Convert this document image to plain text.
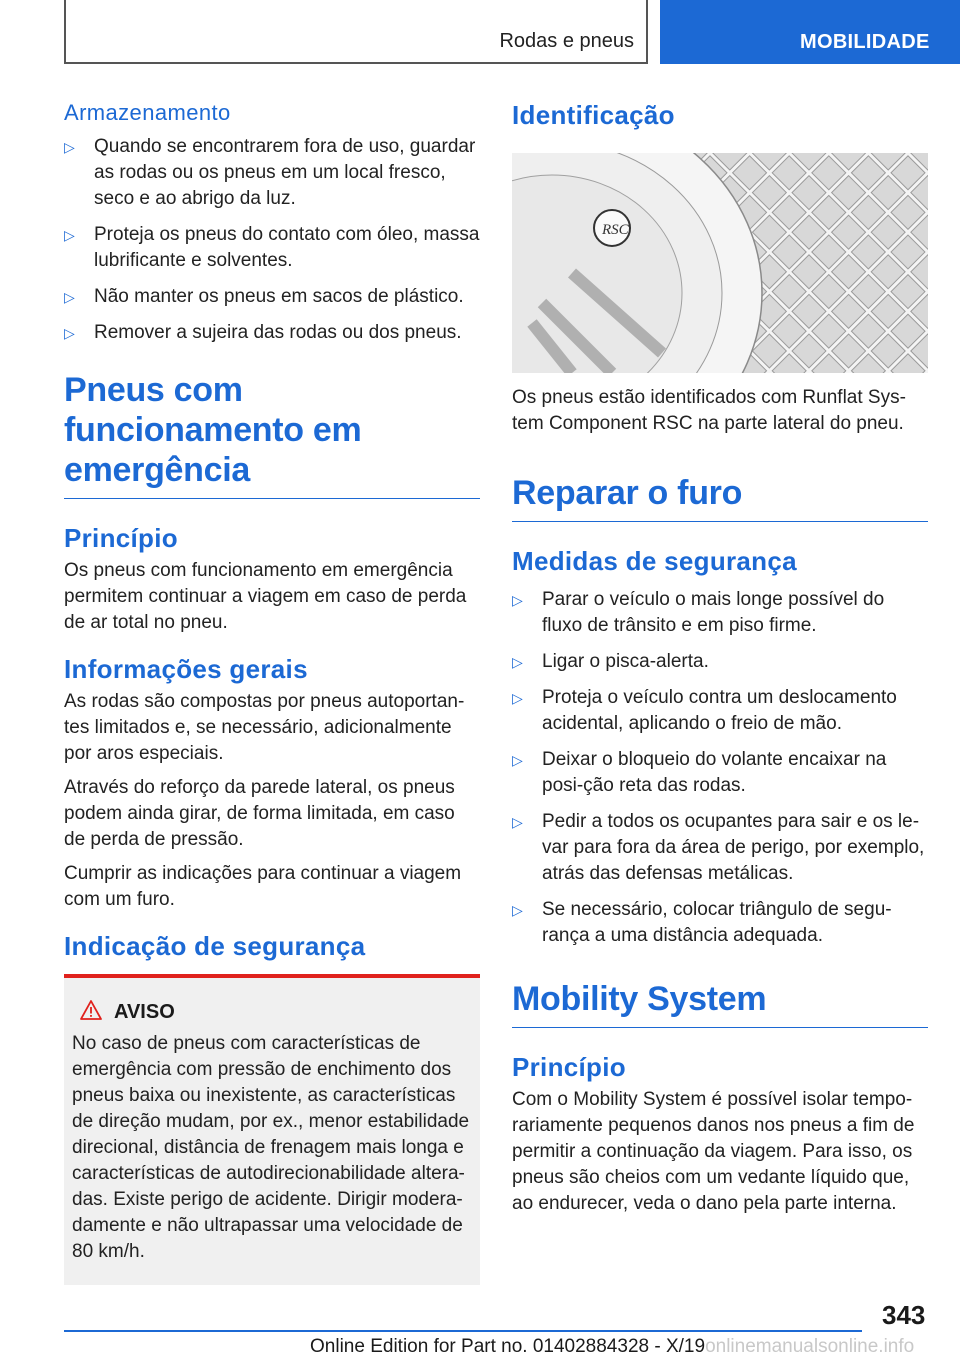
Rodas e pneus	MOBILIDADE
Armazenamento
▷ Quando se encontrarem fora de uso, guardar as rodas ou os pneus em um local fresco, seco e ao abrigo da luz.
▷ Proteja os pneus do contato com óleo, massa lubrificante e solventes.
▷ Não manter os pneus em sacos de plástico.
▷ Remover a sujeira das rodas ou dos pneus.
Pneus com funcionamento em emergência
Princípio

Os pneus com funcionamento em emergência permitem continuar a viagem em caso de perda de ar total no pneu.

Informações gerais

As rodas são compostas por pneus autoportan-tes limitados e, se necessário, adicionalmente por aros especiais.

Através do reforço da parede lateral, os pneus podem ainda girar, de forma limitada, em caso de perda de pressão.

Cumprir as indicações para continuar a viagem com um furo.

Indicação de segurança
AVISO

No caso de pneus com características de emergência com pressão de enchimento dos pneus baixa ou inexistente, as características de direção mudam, por ex., menor estabilidade direcional, distância de frenagem mais longa e características de autodirecionabilidade altera-das. Existe perigo de acidente. Dirigir modera-damente e não ultrapassar uma velocidade de 80 km/h.

Identificação
RSC

Os pneus estão identificados com Runflat Sys-tem Component RSC na parte lateral do pneu.

Reparar o furo
Medidas de segurança
▷ Parar o veículo o mais longe possível do fluxo de trânsito e em piso firme.
▷ Ligar o pisca-alerta.
▷ Proteja o veículo contra um deslocamento acidental, aplicando o freio de mão.
▷ Deixar o bloqueio do volante encaixar na posi-ção reta das rodas.
▷ Pedir a todos os ocupantes para sair e os le-var para fora da área de perigo, por exemplo, atrás das defensas metálicas.
▷ Se necessário, colocar triângulo de segu-rança a uma distância adequada.
Mobility System
Princípio

Com o Mobility System é possível isolar tempo-rariamente pequenos danos nos pneus a fim de permitir a continuação da viagem. Para isso, os pneus são cheios com um vedante líquido que, ao endurecer, veda o dano pela parte interna.

343
Online Edition for Part no. 01402884328 - X/19onlinemanualsonline.info
